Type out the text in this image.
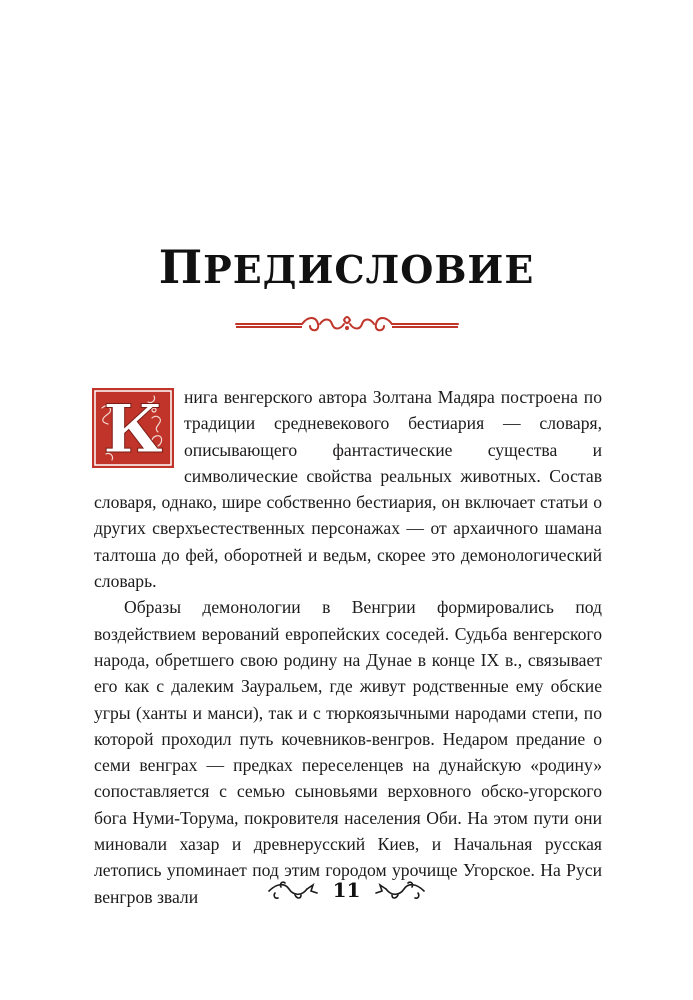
ПРЕДИСЛОВИЕ

К нига венгерского автора Золтана Мадяра построена по традиции средневекового бестиария — словаря, описывающего фантастические существа и символические свойства реальных животных. Состав словаря, однако, шире собственно бестиария, он включает статьи о других сверхъестественных персонажах — от архаичного шамана талтоша до фей, оборотней и ведьм, скорее это демонологический словарь.

Образы демонологии в Венгрии формировались под воздействием верований европейских соседей. Судьба венгерского народа, обретшего свою родину на Дунае в конце IX в., связывает его как с далеким Зауральем, где живут родственные ему обские угры (ханты и манси), так и с тюркоязычными народами степи, по которой проходил путь кочевников-венгров. Недаром предание о семи венграх — предках переселенцев на дунайскую «родину» сопоставляется с семью сыновьями верховного обско-угорского бога Нуми-Торума, покровителя населения Оби. На этом пути они миновали хазар и древнерусский Киев, и Начальная русская летопись упоминает под этим городом урочище Угорское. На Руси венгров звали	11
